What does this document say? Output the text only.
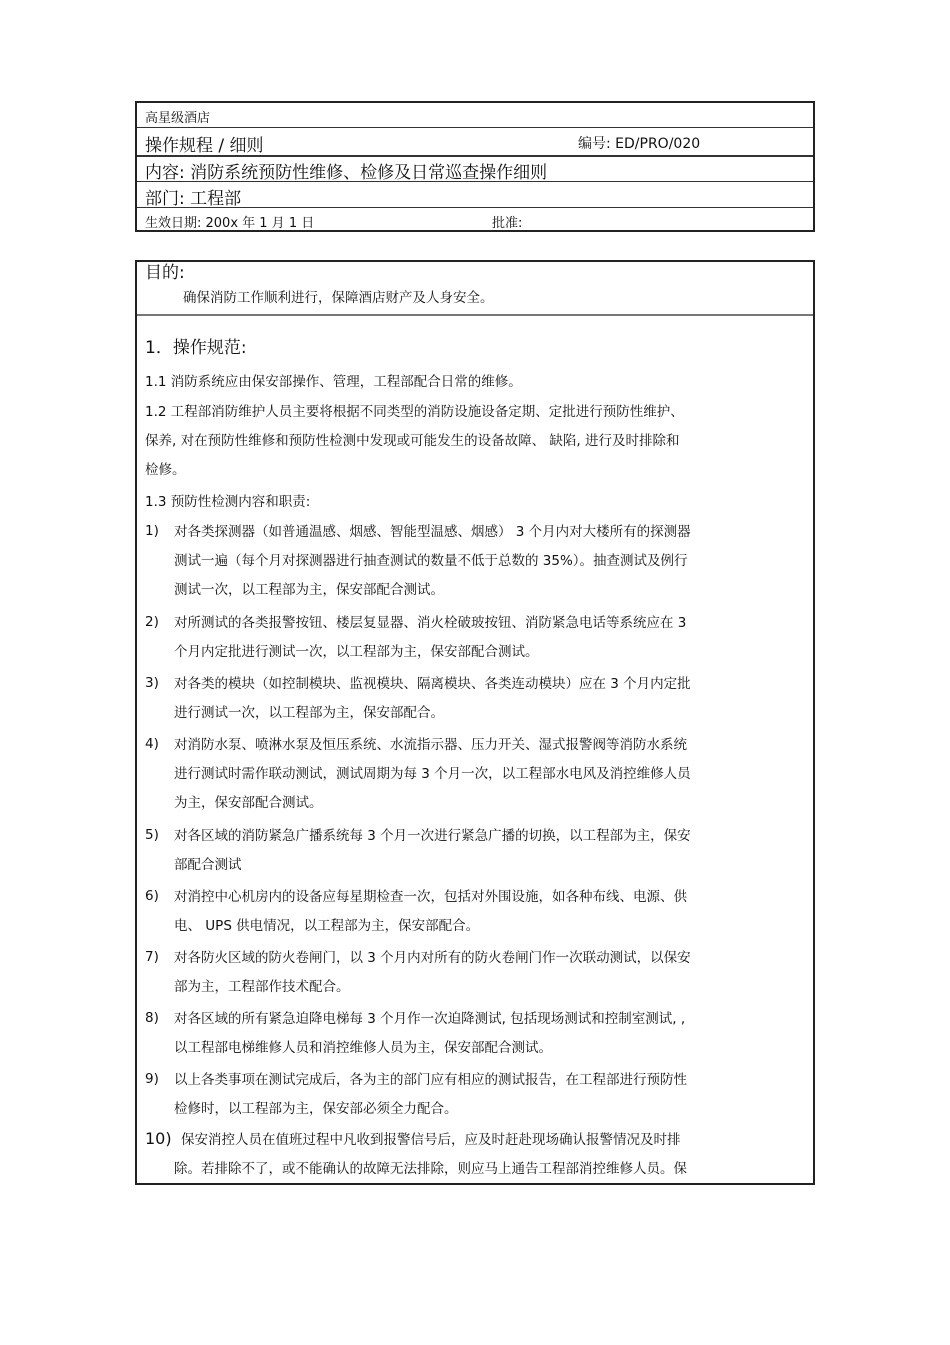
高星级酒店
操作规程 / 细则	编号: ED/PRO/020
内容: 消防系统预防性维修、检修及日常巡查操作细则
部门: 工程部
生效日期: 200x 年 1 月 1 日	批准:
目的:
确保消防工作顺利进行，保障酒店财产及人身安全。
1．操作规范:
1.1 消防系统应由保安部操作、管理，工程部配合日常的维修。
1.2 工程部消防维护人员主要将根据不同类型的消防设施设备定期、定批进行预防性维护、
保养, 对在预防性维修和预防性检测中发现或可能发生的设备故障、 缺陷, 进行及时排除和
检修。
1.3 预防性检测内容和职责:
1) 对各类探测器（如普通温感、烟感、智能型温感、烟感） 3 个月内对大楼所有的探测器
测试一遍（每个月对探测器进行抽查测试的数量不低于总数的 35%）。抽查测试及例行
测试一次，以工程部为主，保安部配合测试。
2) 对所测试的各类报警按钮、楼层复显器、消火栓破玻按钮、消防紧急电话等系统应在 3
个月内定批进行测试一次，以工程部为主，保安部配合测试。
3) 对各类的模块（如控制模块、监视模块、隔离模块、各类连动模块）应在 3 个月内定批
进行测试一次，以工程部为主，保安部配合。
4) 对消防水泵、喷淋水泵及恒压系统、水流指示器、压力开关、湿式报警阀等消防水系统
进行测试时需作联动测试，测试周期为每 3 个月一次，以工程部水电风及消控维修人员
为主，保安部配合测试。
5) 对各区域的消防紧急广播系统每 3 个月一次进行紧急广播的切换，以工程部为主，保安
部配合测试
6) 对消控中心机房内的设备应每星期检查一次，包括对外围设施，如各种布线、电源、供
电、 UPS 供电情况，以工程部为主，保安部配合。
7) 对各防火区域的防火卷闸门，以 3 个月内对所有的防火卷闸门作一次联动测试，以保安
部为主，工程部作技术配合。
8) 对各区域的所有紧急迫降电梯每 3 个月作一次迫降测试, 包括现场测试和控制室测试, ,
以工程部电梯维修人员和消控维修人员为主，保安部配合测试。
9) 以上各类事项在测试完成后，各为主的部门应有相应的测试报告，在工程部进行预防性
检修时，以工程部为主，保安部必须全力配合。
10) 保安消控人员在值班过程中凡收到报警信号后，应及时赶赴现场确认报警情况及时排
除。若排除不了，或不能确认的故障无法排除，则应马上通告工程部消控维修人员。保
